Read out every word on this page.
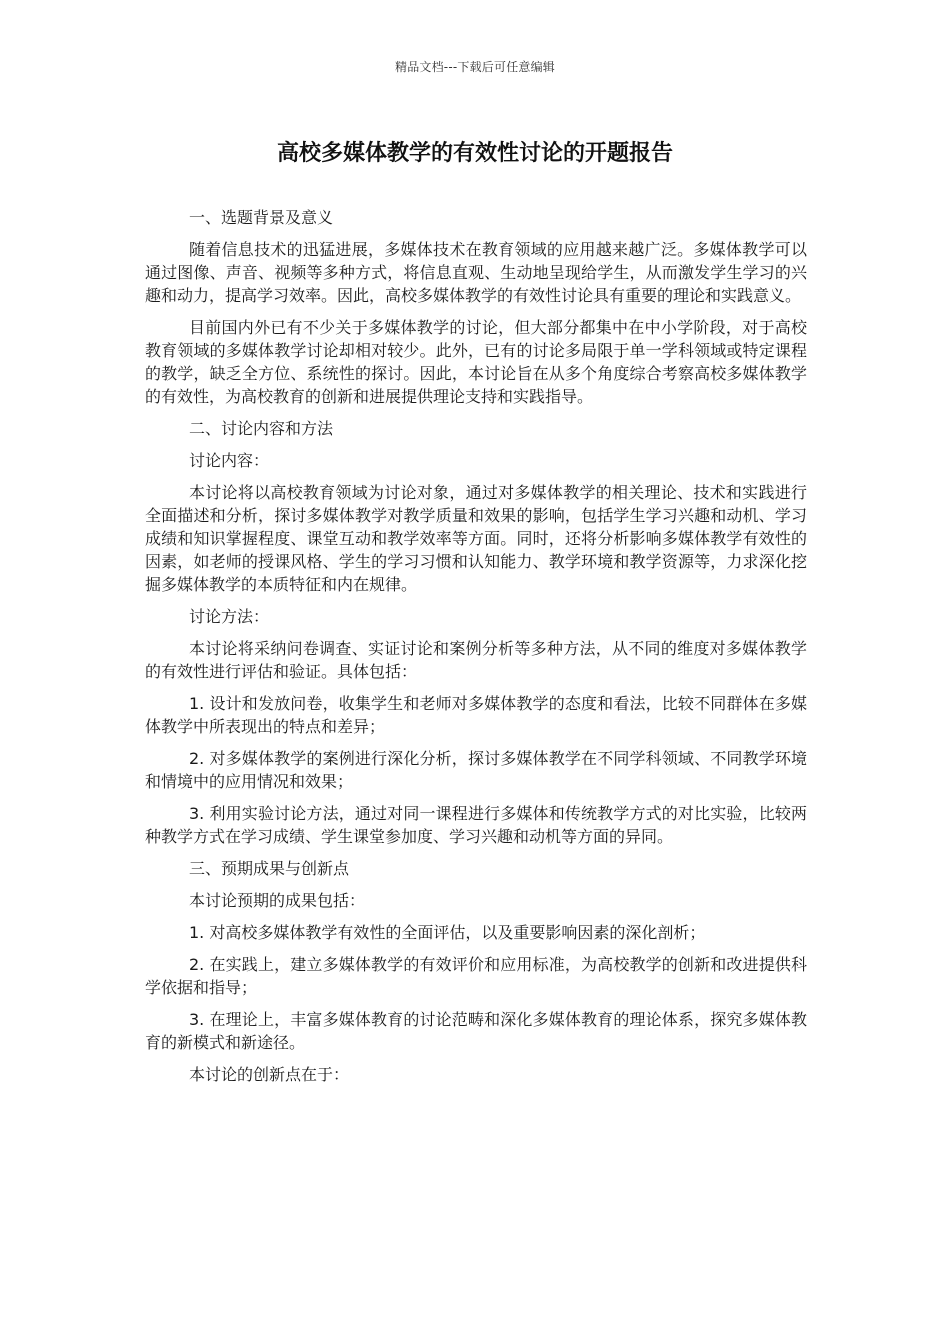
精品文档---下载后可任意编辑
高校多媒体教学的有效性讨论的开题报告

一、选题背景及意义

随着信息技术的迅猛进展，多媒体技术在教育领域的应用越来越广泛。多媒体教学可以通过图像、声音、视频等多种方式，将信息直观、生动地呈现给学生，从而激发学生学习的兴趣和动力，提高学习效率。因此，高校多媒体教学的有效性讨论具有重要的理论和实践意义。

目前国内外已有不少关于多媒体教学的讨论，但大部分都集中在中小学阶段，对于高校教育领域的多媒体教学讨论却相对较少。此外，已有的讨论多局限于单一学科领域或特定课程的教学，缺乏全方位、系统性的探讨。因此，本讨论旨在从多个角度综合考察高校多媒体教学的有效性，为高校教育的创新和进展提供理论支持和实践指导。

二、讨论内容和方法

讨论内容：

本讨论将以高校教育领域为讨论对象，通过对多媒体教学的相关理论、技术和实践进行全面描述和分析，探讨多媒体教学对教学质量和效果的影响，包括学生学习兴趣和动机、学习成绩和知识掌握程度、课堂互动和教学效率等方面。同时，还将分析影响多媒体教学有效性的因素，如老师的授课风格、学生的学习习惯和认知能力、教学环境和教学资源等，力求深化挖掘多媒体教学的本质特征和内在规律。

讨论方法：

本讨论将采纳问卷调查、实证讨论和案例分析等多种方法，从不同的维度对多媒体教学的有效性进行评估和验证。具体包括：

1. 设计和发放问卷，收集学生和老师对多媒体教学的态度和看法，比较不同群体在多媒体教学中所表现出的特点和差异；

2. 对多媒体教学的案例进行深化分析，探讨多媒体教学在不同学科领域、不同教学环境和情境中的应用情况和效果；

3. 利用实验讨论方法，通过对同一课程进行多媒体和传统教学方式的对比实验，比较两种教学方式在学习成绩、学生课堂参加度、学习兴趣和动机等方面的异同。

三、预期成果与创新点

本讨论预期的成果包括：

1. 对高校多媒体教学有效性的全面评估，以及重要影响因素的深化剖析；

2. 在实践上，建立多媒体教学的有效评价和应用标准，为高校教学的创新和改进提供科学依据和指导；

3. 在理论上，丰富多媒体教育的讨论范畴和深化多媒体教育的理论体系，探究多媒体教育的新模式和新途径。

本讨论的创新点在于：
